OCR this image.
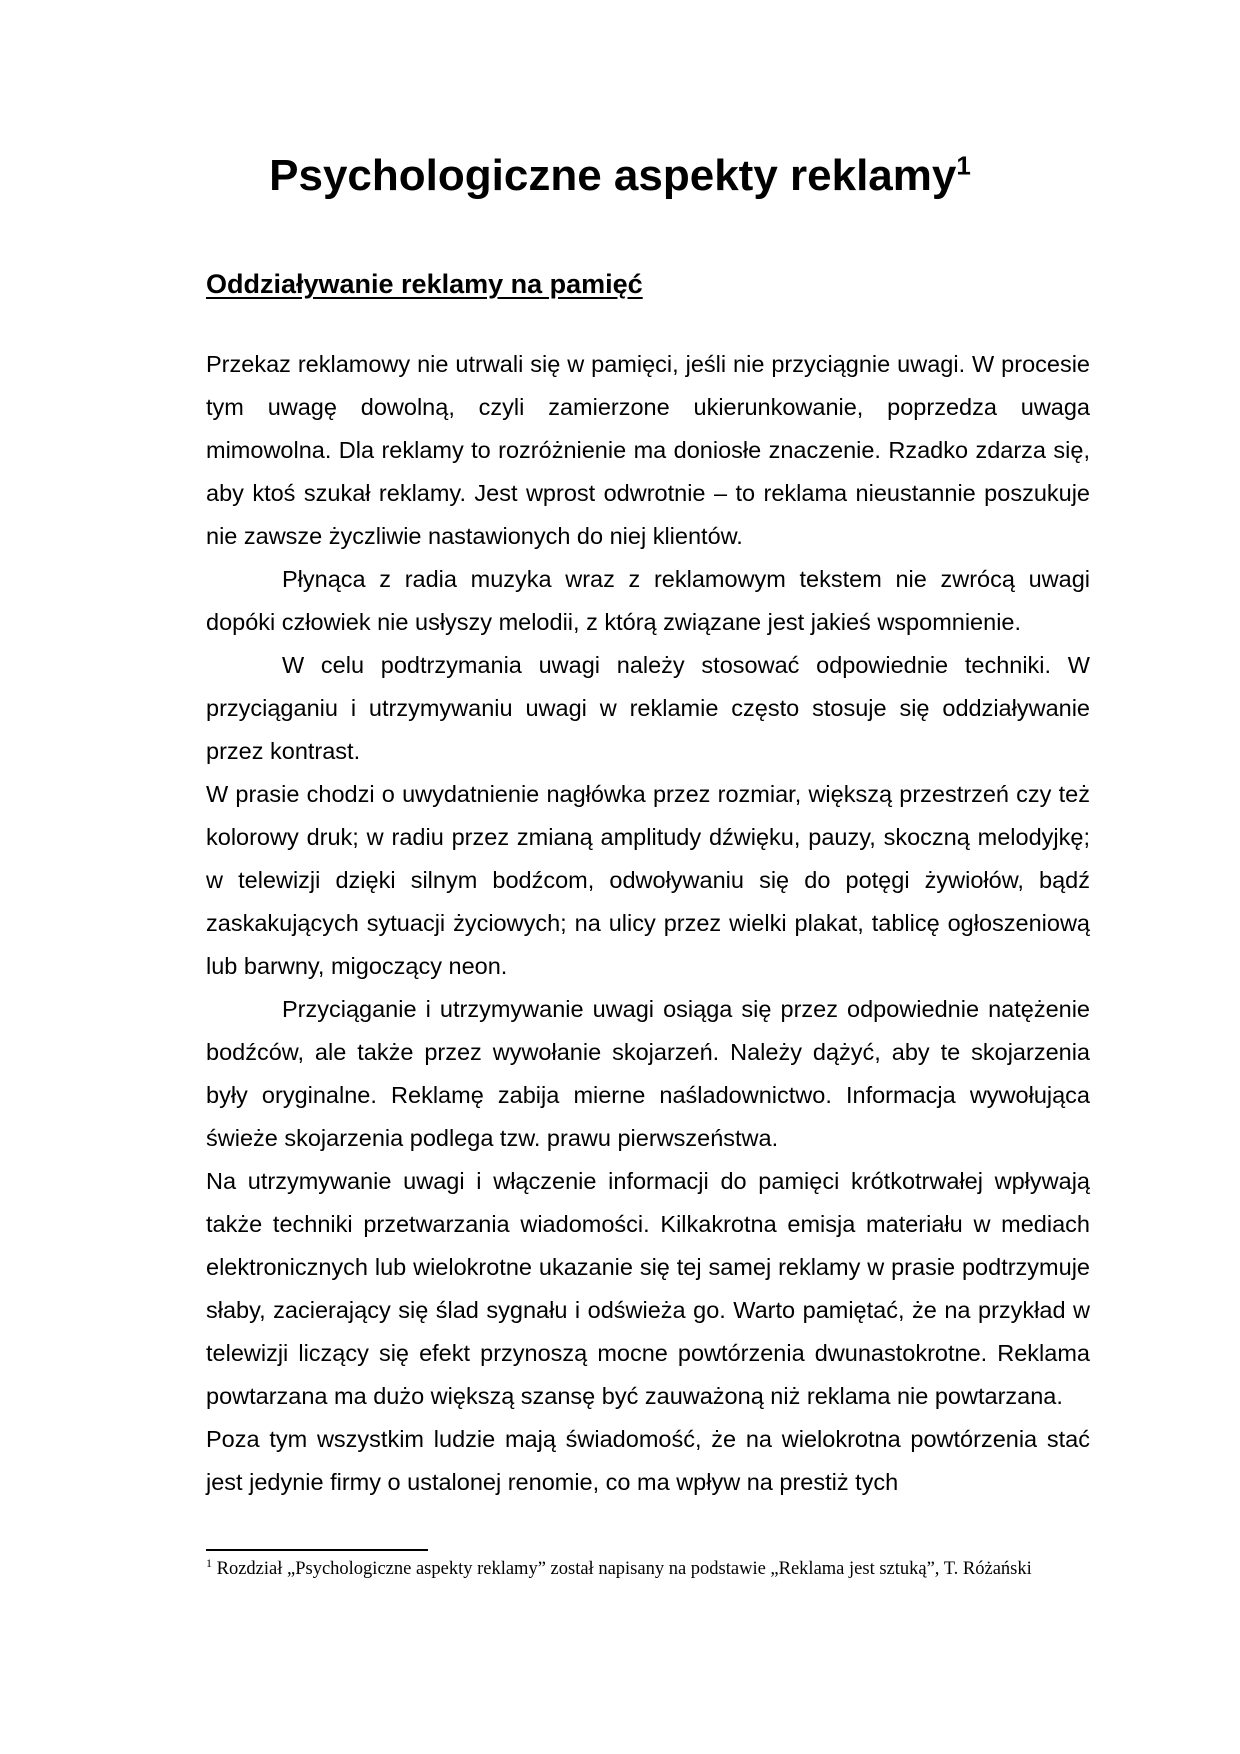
Psychologiczne aspekty reklamy$^1$
Oddziaływanie reklamy na pamięć

Przekaz reklamowy nie utrwali się w pamięci, jeśli nie przyciągnie uwagi. W procesie tym uwagę dowolną, czyli zamierzone ukierunkowanie, poprzedza uwaga mimowolna. Dla reklamy to rozróżnienie ma doniosłe znaczenie. Rzadko zdarza się, aby ktoś szukał reklamy. Jest wprost odwrotnie – to reklama nieustannie poszukuje nie zawsze życzliwie nastawionych do niej klientów.

Płynąca z radia muzyka wraz z reklamowym tekstem nie zwrócą uwagi dopóki człowiek nie usłyszy melodii, z którą związane jest jakieś wspomnienie.

W celu podtrzymania uwagi należy stosować odpowiednie techniki. W przyciąganiu i utrzymywaniu uwagi w reklamie często stosuje się oddziaływanie przez kontrast.

W prasie chodzi o uwydatnienie nagłówka przez rozmiar, większą przestrzeń czy też kolorowy druk; w radiu przez zmianą amplitudy dźwięku, pauzy, skoczną melodyjkę; w telewizji dzięki silnym bodźcom, odwoływaniu się do potęgi żywiołów, bądź zaskakujących sytuacji życiowych; na ulicy przez wielki plakat, tablicę ogłoszeniową lub barwny, migoczący neon.

Przyciąganie i utrzymywanie uwagi osiąga się przez odpowiednie natężenie bodźców, ale także przez wywołanie skojarzeń. Należy dążyć, aby te skojarzenia były oryginalne. Reklamę zabija mierne naśladownictwo. Informacja wywołująca świeże skojarzenia podlega tzw. prawu pierwszeństwa.

Na utrzymywanie uwagi i włączenie informacji do pamięci krótkotrwałej wpływają także techniki przetwarzania wiadomości. Kilkakrotna emisja materiału w mediach elektronicznych lub wielokrotne ukazanie się tej samej reklamy w prasie podtrzymuje słaby, zacierający się ślad sygnału i odświeża go. Warto pamiętać, że na przykład w telewizji liczący się efekt przynoszą mocne powtórzenia dwunastokrotne. Reklama powtarzana ma dużo większą szansę być zauważoną niż reklama nie powtarzana.

Poza tym wszystkim ludzie mają świadomość, że na wielokrotna powtórzenia stać jest jedynie firmy o ustalonej renomie, co ma wpływ na prestiż tych

$^1$ Rozdział „Psychologiczne aspekty reklamy” został napisany na podstawie „Reklama jest sztuką”, T. Różański
